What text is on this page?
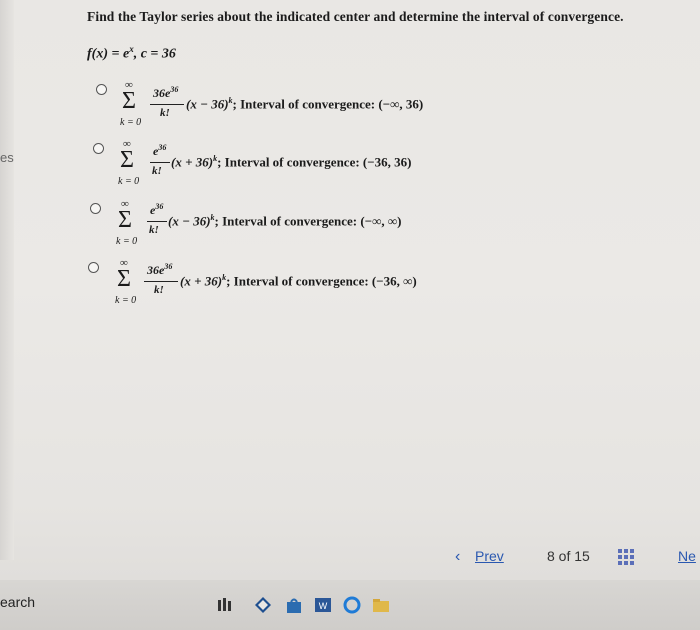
es
Find the Taylor series about the indicated center and determine the interval of convergence.
$f(x) = e^x$, c = 36
∞
Σ
k = 0
$36e^{36}$
k!
$(x - 36)^k$; Interval of convergence: (−∞, 36)
∞
Σ
k = 0
$e^{36}$
k!
$(x + 36)^k$; Interval of convergence: (−36, 36)
∞
Σ
k = 0
$e^{36}$
k!
$(x - 36)^k$; Interval of convergence: (−∞, ∞)
∞
Σ
k = 0
$36e^{36}$
k!
$(x + 36)^k$; Interval of convergence: (−36, ∞)
‹ Prev	8 of 15	Ne
earch	W
